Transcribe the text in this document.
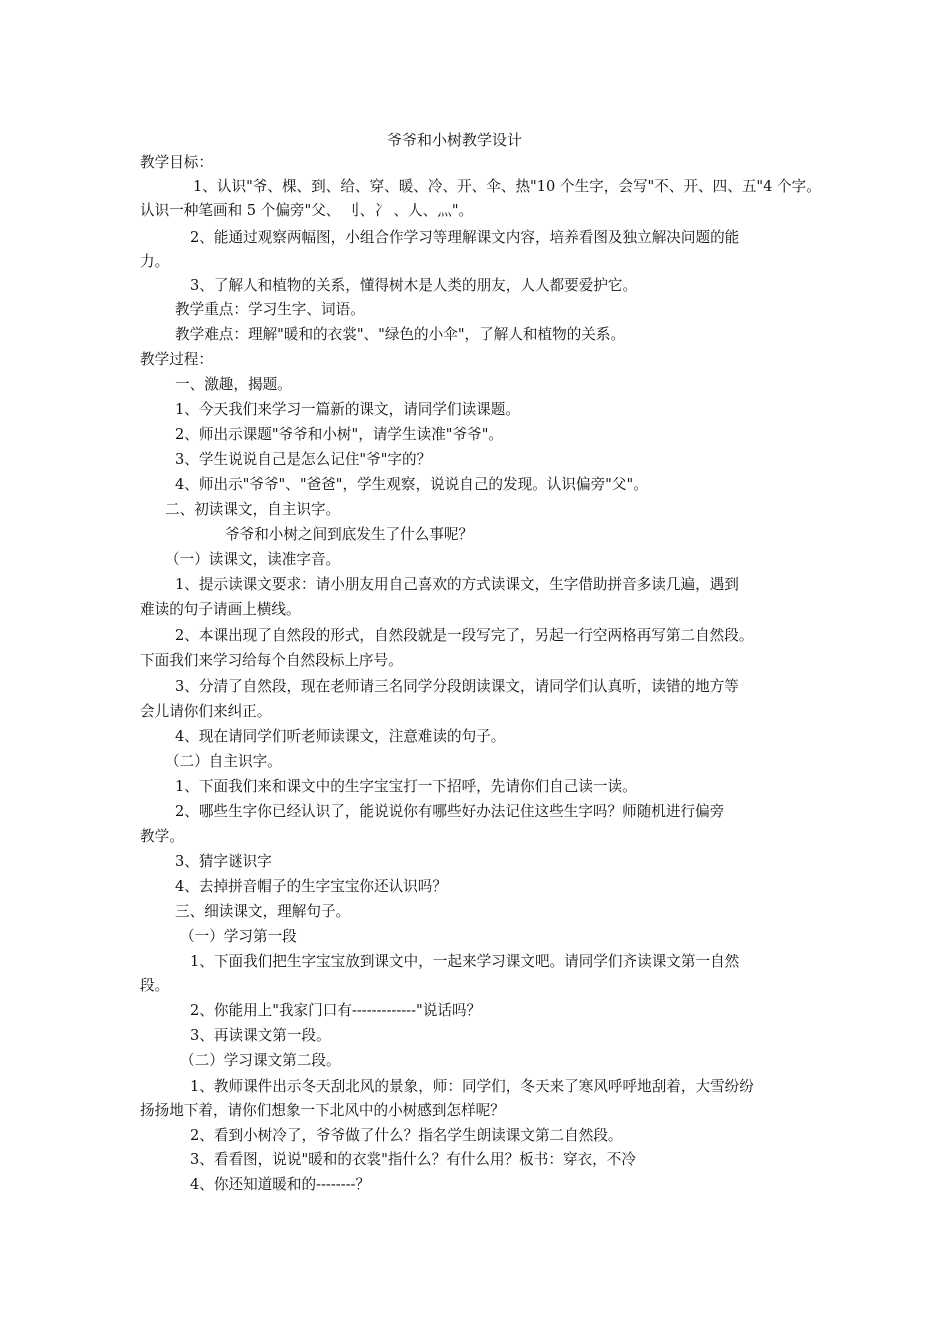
爷爷和小树教学设计
教学目标：
1、认识"爷、棵、到、给、穿、暖、冷、开、伞、热"10 个生字，会写"不、开、四、五"4 个字。
认识一种笔画和 5 个偏旁"父、 刂、冫 、人、灬"。
2、能通过观察两幅图，小组合作学习等理解课文内容，培养看图及独立解决问题的能
力。
3、了解人和植物的关系，懂得树木是人类的朋友，人人都要爱护它。
教学重点：学习生字、词语。
教学难点：理解"暖和的衣裳"、"绿色的小伞"，了解人和植物的关系。
教学过程：
一、激趣，揭题。
1、今天我们来学习一篇新的课文，请同学们读课题。
2、师出示课题"爷爷和小树"，请学生读准"爷爷"。
3、学生说说自己是怎么记住"爷"字的？
4、师出示"爷爷"、"爸爸"，学生观察，说说自己的发现。认识偏旁"父"。
二、初读课文，自主识字。
爷爷和小树之间到底发生了什么事呢？
（一）读课文，读准字音。
1、提示读课文要求：请小朋友用自己喜欢的方式读课文，生字借助拼音多读几遍，遇到
难读的句子请画上横线。
2、本课出现了自然段的形式，自然段就是一段写完了，另起一行空两格再写第二自然段。
下面我们来学习给每个自然段标上序号。
3、分清了自然段，现在老师请三名同学分段朗读课文，请同学们认真听，读错的地方等
会儿请你们来纠正。
4、现在请同学们听老师读课文，注意难读的句子。
（二）自主识字。
1、下面我们来和课文中的生字宝宝打一下招呼，先请你们自己读一读。
2、哪些生字你已经认识了，能说说你有哪些好办法记住这些生字吗？师随机进行偏旁
教学。
3、猜字谜识字
4、去掉拼音帽子的生字宝宝你还认识吗？
三、细读课文，理解句子。
（一）学习第一段
1、下面我们把生字宝宝放到课文中，一起来学习课文吧。请同学们齐读课文第一自然
段。
2、你能用上"我家门口有-------------"说话吗？
3、再读课文第一段。
（二）学习课文第二段。
1、教师课件出示冬天刮北风的景象，师：同学们，冬天来了寒风呼呼地刮着，大雪纷纷
扬扬地下着，请你们想象一下北风中的小树感到怎样呢？
2、看到小树冷了，爷爷做了什么？指名学生朗读课文第二自然段。
3、看看图，说说"暖和的衣裳"指什么？有什么用？板书：穿衣，不冷
4、你还知道暖和的--------？
